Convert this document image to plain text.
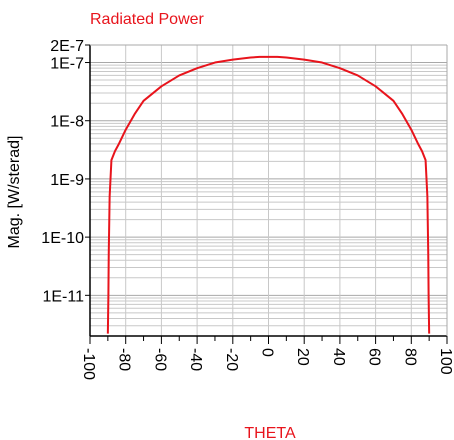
2E-7
1E-7
1E-8
1E-9
1E-10
1E-11
-100 -80 -60 -40 -20 0 20 40 60 80 100
Radiated Power
THETA
Mag. [W/sterad]
